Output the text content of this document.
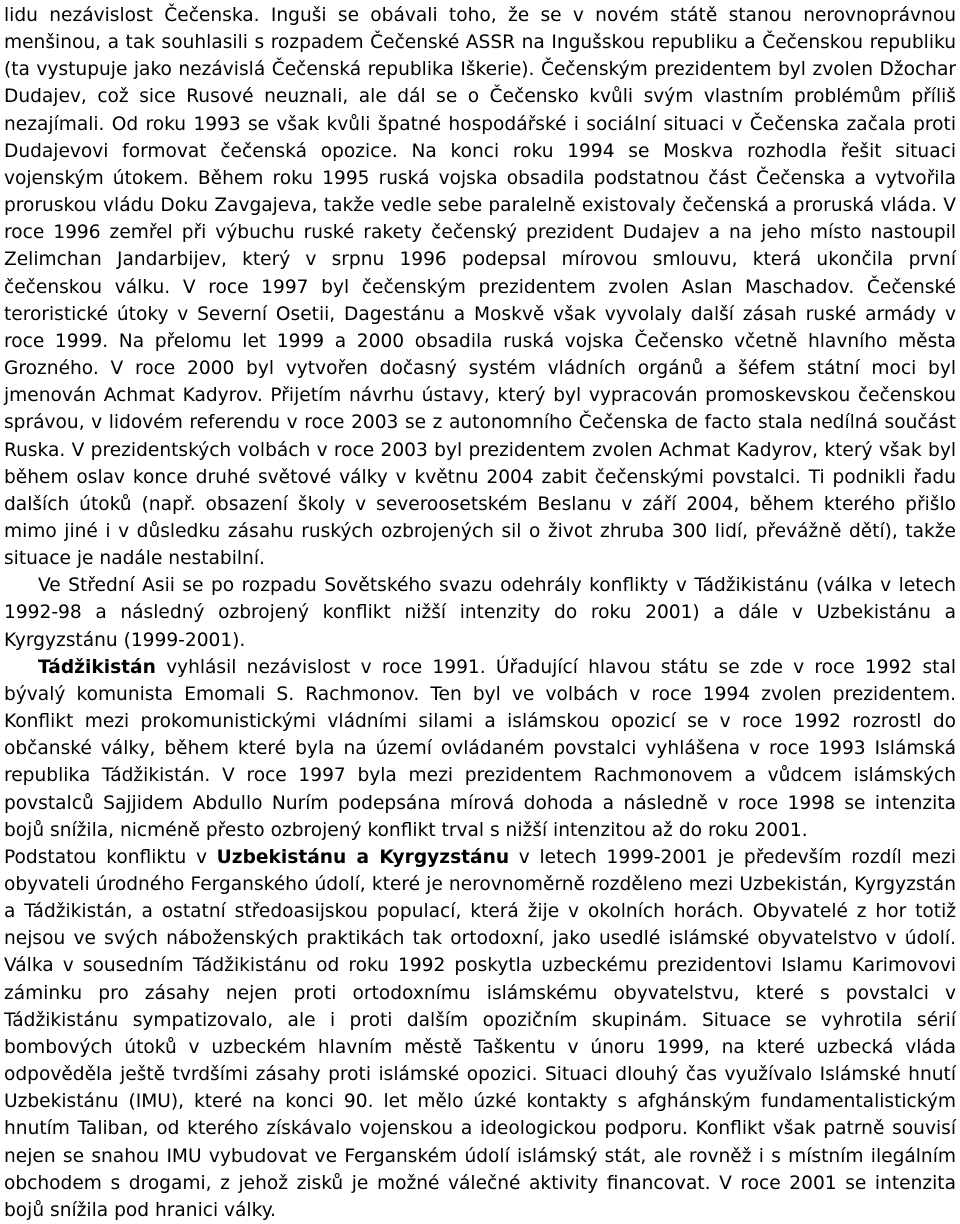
lidu nezávislost Čečenska. Inguši se obávali toho, že se v novém státě stanou nerovnoprávnou menšinou, a tak souhlasili s rozpadem Čečenské ASSR na Ingušskou republiku a Čečenskou republiku (ta vystupuje jako nezávislá Čečenská republika Iškerie). Čečenským prezidentem byl zvolen Džochar Dudajev, což sice Rusové neuznali, ale dál se o Čečensko kvůli svým vlastním problémům příliš nezajímali. Od roku 1993 se však kvůli špatné hospodářské i sociální situaci v Čečenska začala proti Dudajevovi formovat čečenská opozice. Na konci roku 1994 se Moskva rozhodla řešit situaci vojenským útokem. Během roku 1995 ruská vojska obsadila podstatnou část Čečenska a vytvořila proruskou vládu Doku Zavgajeva, takže vedle sebe paralelně existovaly čečenská a proruská vláda. V roce 1996 zemřel při výbuchu ruské rakety čečenský prezident Dudajev a na jeho místo nastoupil Zelimchan Jandarbijev, který v srpnu 1996 podepsal mírovou smlouvu, která ukončila první čečenskou válku. V roce 1997 byl čečenským prezidentem zvolen Aslan Maschadov. Čečenské teroristické útoky v Severní Osetii, Dagestánu a Moskvě však vyvolaly další zásah ruské armády v roce 1999. Na přelomu let 1999 a 2000 obsadila ruská vojska Čečensko včetně hlavního města Grozného. V roce 2000 byl vytvořen dočasný systém vládních orgánů a šéfem státní moci byl jmenován Achmat Kadyrov. Přijetím návrhu ústavy, který byl vypracován promoskevskou čečenskou správou, v lidovém referendu v roce 2003 se z autonomního Čečenska de facto stala nedílná součást Ruska. V prezidentských volbách v roce 2003 byl prezidentem zvolen Achmat Kadyrov, který však byl během oslav konce druhé světové války v květnu 2004 zabit čečenskými povstalci. Ti podnikli řadu dalších útoků (např. obsazení školy v severoosetském Beslanu v září 2004, během kterého přišlo mimo jiné i v důsledku zásahu ruských ozbrojených sil o život zhruba 300 lidí, převážně dětí), takže situace je nadále nestabilní.

Ve Střední Asii se po rozpadu Sovětského svazu odehrály konflikty v Tádžikistánu (válka v letech 1992-98 a následný ozbrojený konflikt nižší intenzity do roku 2001) a dále v Uzbekistánu a Kyrgyzstánu (1999-2001).

Tádžikistán vyhlásil nezávislost v roce 1991. Úřadující hlavou státu se zde v roce 1992 stal bývalý komunista Emomali S. Rachmonov. Ten byl ve volbách v roce 1994 zvolen prezidentem. Konflikt mezi prokomunistickými vládními silami a islámskou opozicí se v roce 1992 rozrostl do občanské války, během které byla na území ovládaném povstalci vyhlášena v roce 1993 Islámská republika Tádžikistán. V roce 1997 byla mezi prezidentem Rachmonovem a vůdcem islámských povstalců Sajjidem Abdullo Nurím podepsána mírová dohoda a následně v roce 1998 se intenzita bojů snížila, nicméně přesto ozbrojený konflikt trval s nižší intenzitou až do roku 2001.

Podstatou konfliktu v Uzbekistánu a Kyrgyzstánu v letech 1999-2001 je především rozdíl mezi obyvateli úrodného Ferganského údolí, které je nerovnoměrně rozděleno mezi Uzbekistán, Kyrgyzstán a Tádžikistán, a ostatní středoasijskou populací, která žije v okolních horách. Obyvatelé z hor totiž nejsou ve svých náboženských praktikách tak ortodoxní, jako usedlé islámské obyvatelstvo v údolí. Válka v sousedním Tádžikistánu od roku 1992 poskytla uzbeckému prezidentovi Islamu Karimovovi záminku pro zásahy nejen proti ortodoxnímu islámskému obyvatelstvu, které s povstalci v Tádžikistánu sympatizovalo, ale i proti dalším opozičním skupinám. Situace se vyhrotila sérií bombových útoků v uzbeckém hlavním městě Taškentu v únoru 1999, na které uzbecká vláda odpověděla ještě tvrdšími zásahy proti islámské opozici. Situaci dlouhý čas využívalo Islámské hnutí Uzbekistánu (IMU), které na konci 90. let mělo úzké kontakty s afghánským fundamentalistickým hnutím Taliban, od kterého získávalo vojenskou a ideologickou podporu. Konflikt však patrně souvisí nejen se snahou IMU vybudovat ve Ferganském údolí islámský stát, ale rovněž i s místním ilegálním obchodem s drogami, z jehož zisků je možné válečné aktivity financovat. V roce 2001 se intenzita bojů snížila pod hranici války.
